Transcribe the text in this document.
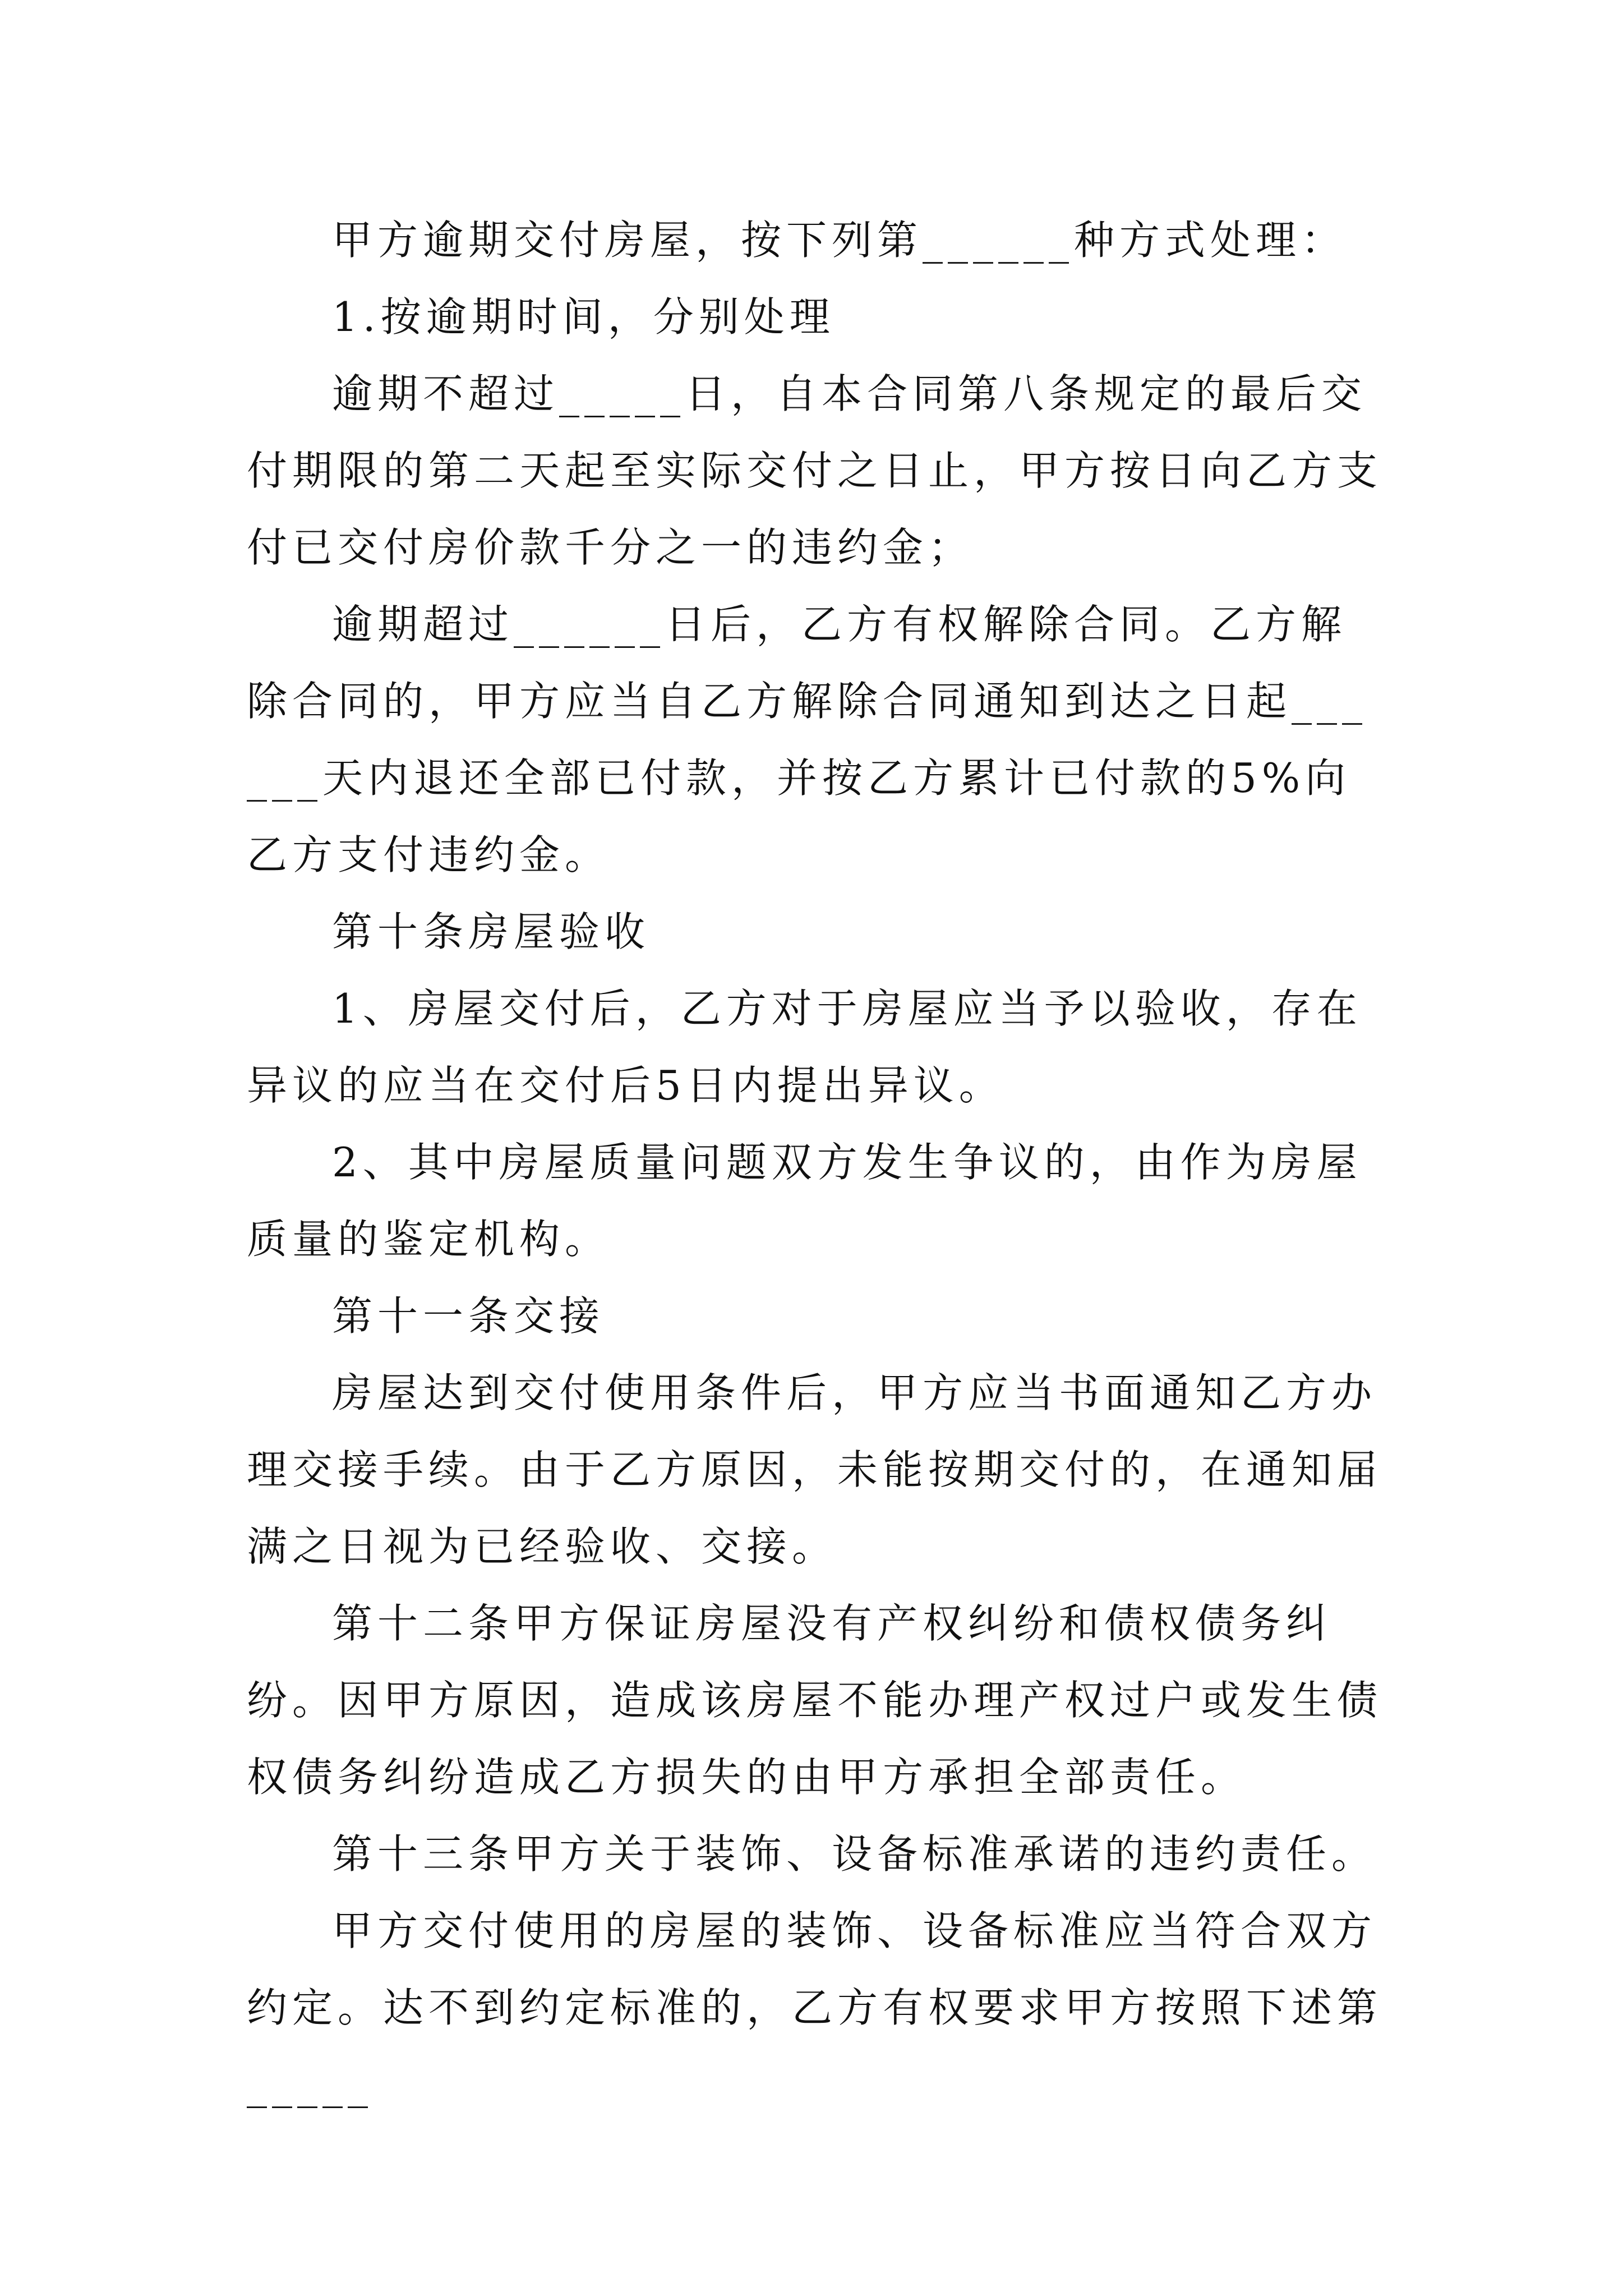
甲方逾期交付房屋，按下列第______种方式处理：

1.按逾期时间，分别处理

逾期不超过_____日，自本合同第八条规定的最后交付期限的第二天起至实际交付之日止，甲方按日向乙方支付已交付房价款千分之一的违约金；

逾期超过______日后，乙方有权解除合同。乙方解除合同的，甲方应当自乙方解除合同通知到达之日起______天内退还全部已付款，并按乙方累计已付款的5%向乙方支付违约金。

第十条房屋验收

1、房屋交付后，乙方对于房屋应当予以验收，存在异议的应当在交付后5日内提出异议。

2、其中房屋质量问题双方发生争议的，由作为房屋质量的鉴定机构。

第十一条交接

房屋达到交付使用条件后，甲方应当书面通知乙方办理交接手续。由于乙方原因，未能按期交付的，在通知届满之日视为已经验收、交接。

第十二条甲方保证房屋没有产权纠纷和债权债务纠纷。因甲方原因，造成该房屋不能办理产权过户或发生债权债务纠纷造成乙方损失的由甲方承担全部责任。

第十三条甲方关于装饰、设备标准承诺的违约责任。

甲方交付使用的房屋的装饰、设备标准应当符合双方约定。达不到约定标准的，乙方有权要求甲方按照下述第_____
